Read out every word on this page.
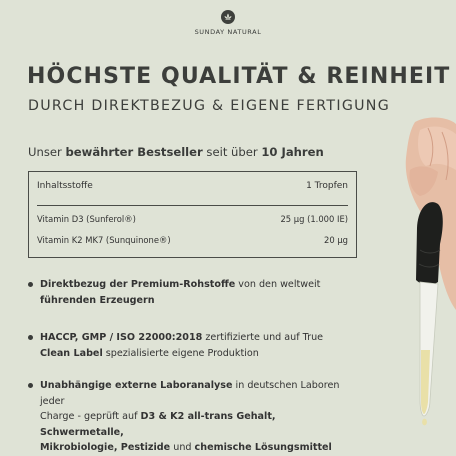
SUNDAY NATURAL
HÖCHSTE QUALITÄT & REINHEIT
DURCH DIREKTBEZUG & EIGENE FERTIGUNG
Unser bewährter Bestseller seit über 10 Jahren
Inhaltsstoffe	1 Tropfen
Vitamin D3 (Sunferol®)	25 µg (1.000 IE)
Vitamin K2 MK7 (Sunquinone®)	20 µg
Direktbezug der Premium-Rohstoffe von den weltweit
führenden Erzeugern
HACCP, GMP / ISO 22000:2018 zertifizierte und auf True
Clean Label spezialisierte eigene Produktion
Unabhängige externe Laboranalyse in deutschen Laboren jeder
Charge - geprüft auf D3 & K2 all-trans Gehalt, Schwermetalle,
Mikrobiologie, Pestizide und chemische Lösungsmittel
